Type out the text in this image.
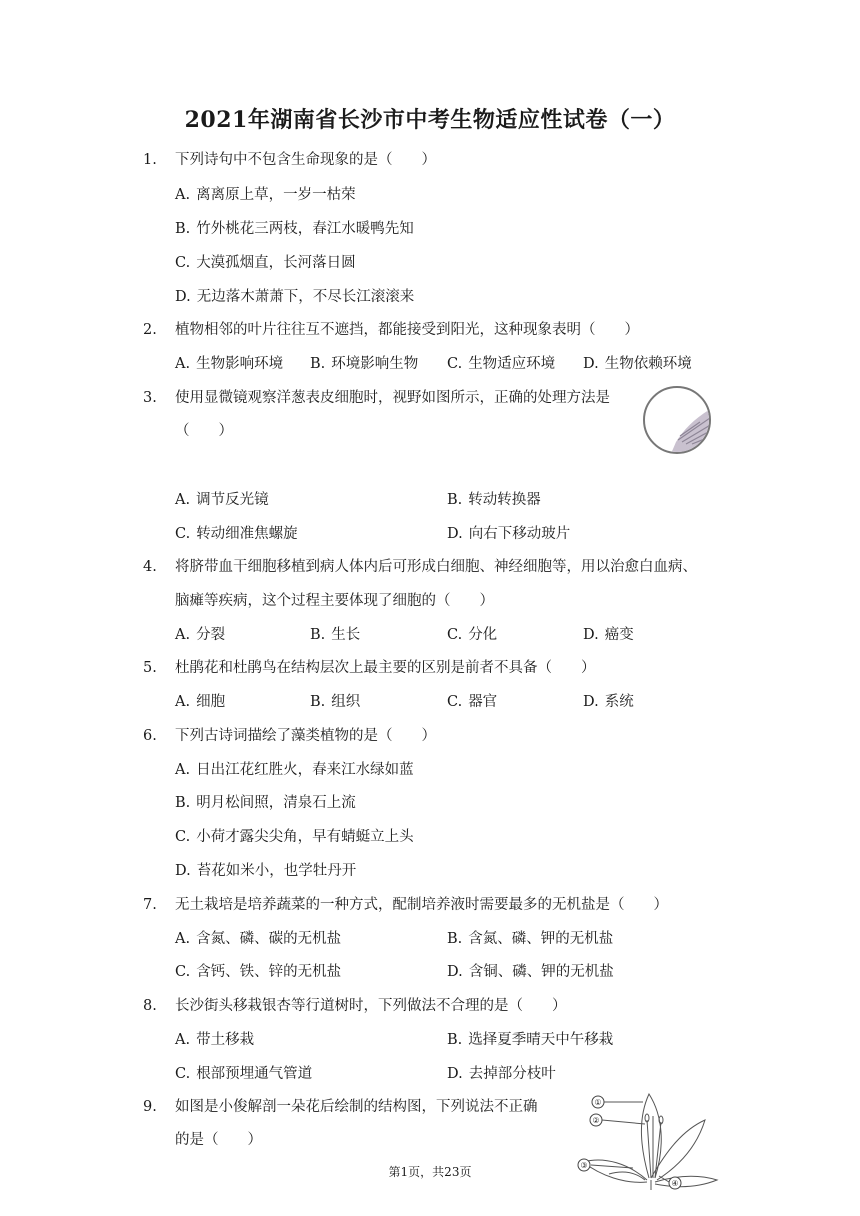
2021年湖南省长沙市中考生物适应性试卷（一）
1.	下列诗句中不包含生命现象的是（　　）
A. 离离原上草，一岁一枯荣
B. 竹外桃花三两枝，春江水暖鸭先知
C. 大漠孤烟直，长河落日圆
D. 无边落木萧萧下，不尽长江滚滚来
2.	植物相邻的叶片往往互不遮挡，都能接受到阳光，这种现象表明（　　）
A. 生物影响环境 B. 环境影响生物 C. 生物适应环境 D. 生物依赖环境
3.	使用显微镜观察洋葱表皮细胞时，视野如图所示，正确的处理方法是
（　　）
A. 调节反光镜	B. 转动转换器
C. 转动细准焦螺旋	D. 向右下移动玻片
4.	将脐带血干细胞移植到病人体内后可形成白细胞、神经细胞等，用以治愈白血病、
脑瘫等疾病，这个过程主要体现了细胞的（　　）
A. 分裂	B. 生长	C. 分化	D. 癌变
5.	杜鹃花和杜鹃鸟在结构层次上最主要的区别是前者不具备（　　）
A. 细胞	B. 组织	C. 器官	D. 系统
6.	下列古诗词描绘了藻类植物的是（　　）
A. 日出江花红胜火，春来江水绿如蓝
B. 明月松间照，清泉石上流
C. 小荷才露尖尖角，早有蜻蜓立上头
D. 苔花如米小，也学牡丹开
7.	无土栽培是培养蔬菜的一种方式，配制培养液时需要最多的无机盐是（　　）
A. 含氮、磷、碳的无机盐	B. 含氮、磷、钾的无机盐
C. 含钙、铁、锌的无机盐	D. 含铜、磷、钾的无机盐
8.	长沙街头移栽银杏等行道树时，下列做法不合理的是（　　）
A. 带土移栽	B. 选择夏季晴天中午移栽
C. 根部预埋通气管道	D. 去掉部分枝叶
9.	如图是小俊解剖一朵花后绘制的结构图，下列说法不正确
的是（　　）
①
②
③
④
第1页，共23页
